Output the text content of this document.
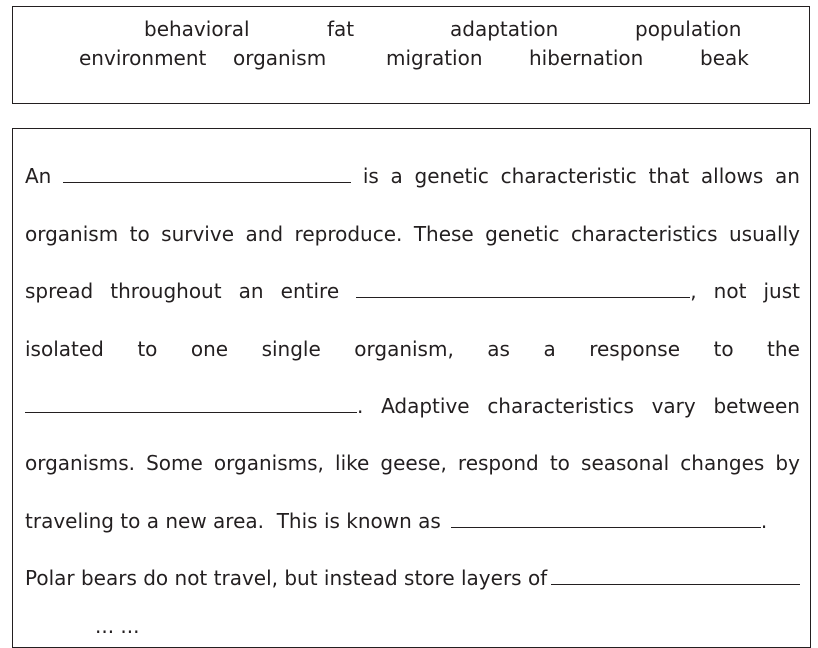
behavioral	fat	adaptation	population
environment organism	migration hibernation	beak
An	is a genetic characteristic that allows an
organism to survive and reproduce. These genetic characteristics usually
spread throughout an entire	, not just
isolated to one single organism, as a response to the
. Adaptive characteristics vary between
organisms. Some organisms, like geese, respond to seasonal changes by
traveling to a new area.  This is known as	.
Polar bears do not travel, but instead store layers of
... ...
